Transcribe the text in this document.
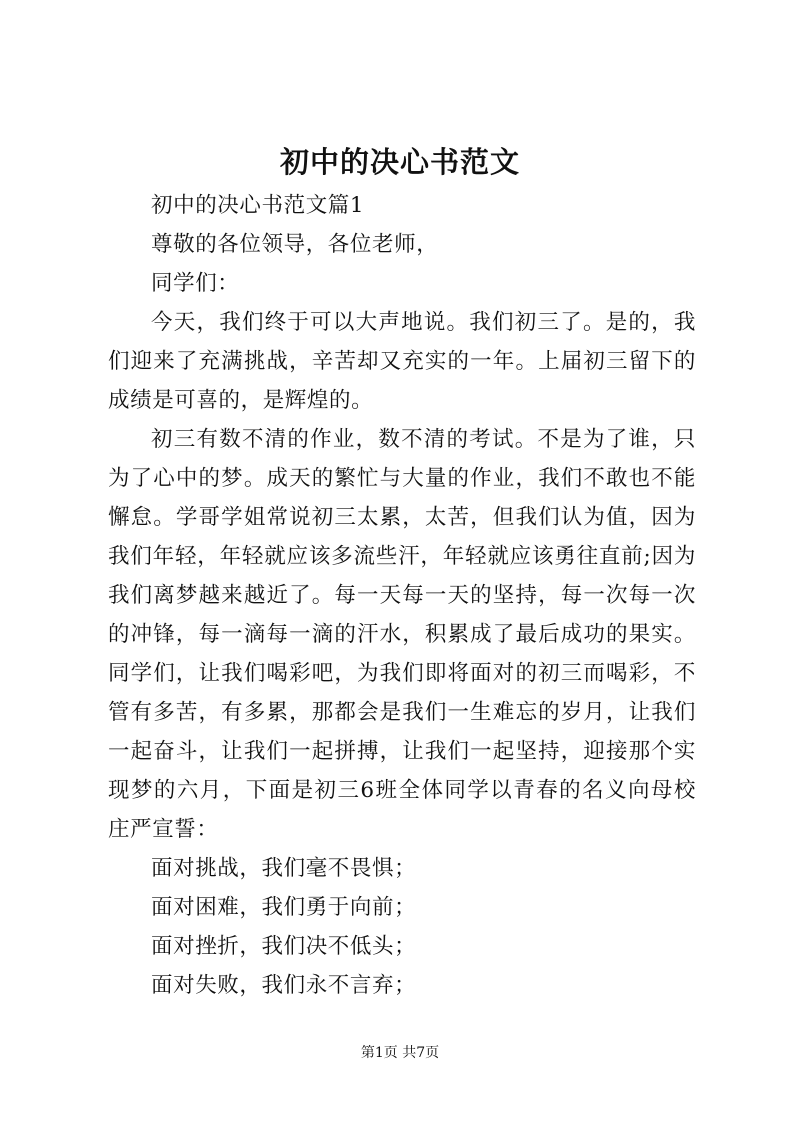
初中的决心书范文

初中的决心书范文篇1

尊敬的各位领导，各位老师，

同学们：

今天，我们终于可以大声地说。我们初三了。是的，我们迎来了充满挑战，辛苦却又充实的一年。上届初三留下的成绩是可喜的，是辉煌的。

初三有数不清的作业，数不清的考试。不是为了谁，只为了心中的梦。成天的繁忙与大量的作业，我们不敢也不能懈怠。学哥学姐常说初三太累，太苦，但我们认为值，因为我们年轻，年轻就应该多流些汗，年轻就应该勇往直前;因为我们离梦越来越近了。每一天每一天的坚持，每一次每一次的冲锋，每一滴每一滴的汗水，积累成了最后成功的果实。同学们，让我们喝彩吧，为我们即将面对的初三而喝彩，不管有多苦，有多累，那都会是我们一生难忘的岁月，让我们一起奋斗，让我们一起拼搏，让我们一起坚持，迎接那个实现梦的六月，下面是初三6班全体同学以青春的名义向母校庄严宣誓：

面对挑战，我们毫不畏惧；

面对困难，我们勇于向前；

面对挫折，我们决不低头；

面对失败，我们永不言弃；

第1页 共7页
